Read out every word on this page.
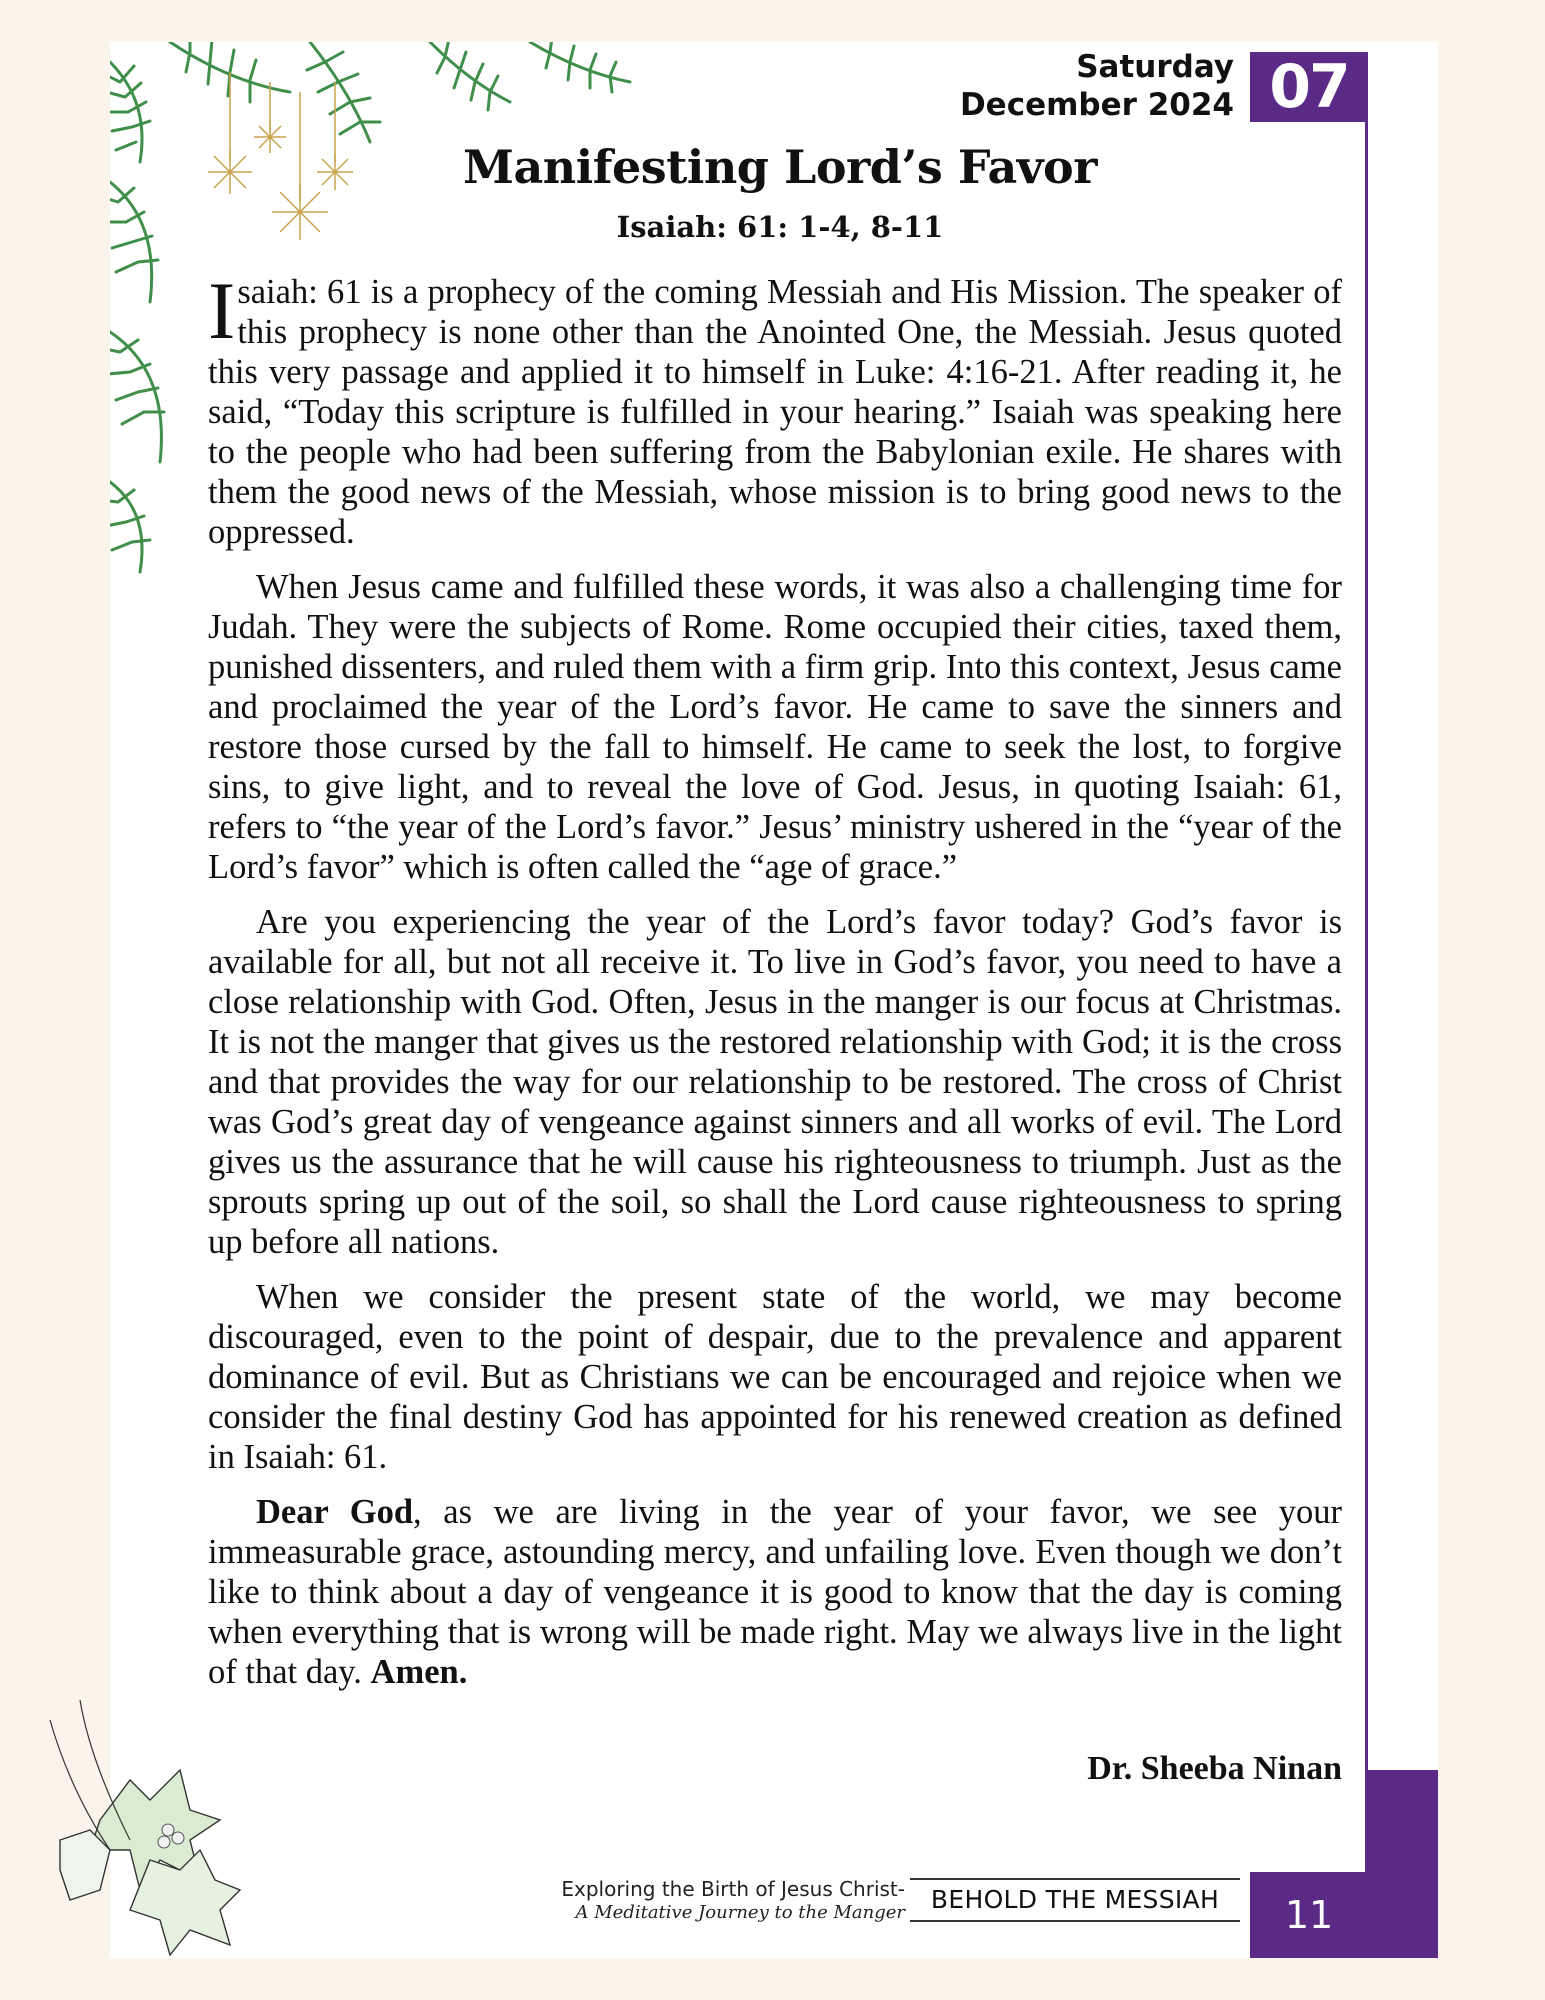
Saturday
December 2024 07
Manifesting Lord’s Favor
Isaiah: 61: 1-4, 8-11

Isaiah: 61 is a prophecy of the coming Messiah and His Mission. The speaker of this prophecy is none other than the Anointed One, the Messiah. Jesus quoted this very passage and applied it to himself in Luke: 4:16-21. After reading it, he said, “Today this scripture is fulfilled in your hearing.” Isaiah was speaking here to the people who had been suffering from the Babylonian exile. He shares with them the good news of the Messiah, whose mission is to bring good news to the oppressed.

When Jesus came and fulfilled these words, it was also a challenging time for Judah. They were the subjects of Rome. Rome occupied their cities, taxed them, punished dissenters, and ruled them with a firm grip. Into this context, Jesus came and proclaimed the year of the Lord’s favor. He came to save the sinners and restore those cursed by the fall to himself. He came to seek the lost, to forgive sins, to give light, and to reveal the love of God. Jesus, in quoting Isaiah: 61, refers to “the year of the Lord’s favor.” Jesus’ ministry ushered in the “year of the Lord’s favor” which is often called the “age of grace.”

Are you experiencing the year of the Lord’s favor today? God’s favor is available for all, but not all receive it. To live in God’s favor, you need to have a close relationship with God. Often, Jesus in the manger is our focus at Christmas. It is not the manger that gives us the restored relationship with God; it is the cross and that provides the way for our relationship to be restored. The cross of Christ was God’s great day of vengeance against sinners and all works of evil. The Lord gives us the assurance that he will cause his righteousness to triumph. Just as the sprouts spring up out of the soil, so shall the Lord cause righteousness to spring up before all nations.

When we consider the present state of the world, we may become discouraged, even to the point of despair, due to the prevalence and apparent dominance of evil. But as Christians we can be encouraged and rejoice when we consider the final destiny God has appointed for his renewed creation as defined in Isaiah: 61.

Dear God, as we are living in the year of your favor, we see your immeasurable grace, astounding mercy, and unfailing love. Even though we don’t like to think about a day of vengeance it is good to know that the day is coming when everything that is wrong will be made right. May we always live in the light of that day. Amen.

Dr. Sheeba Ninan
Exploring the Birth of Jesus Christ-
A Meditative Journey to the Manger	BEHOLD THE MESSIAH	11
